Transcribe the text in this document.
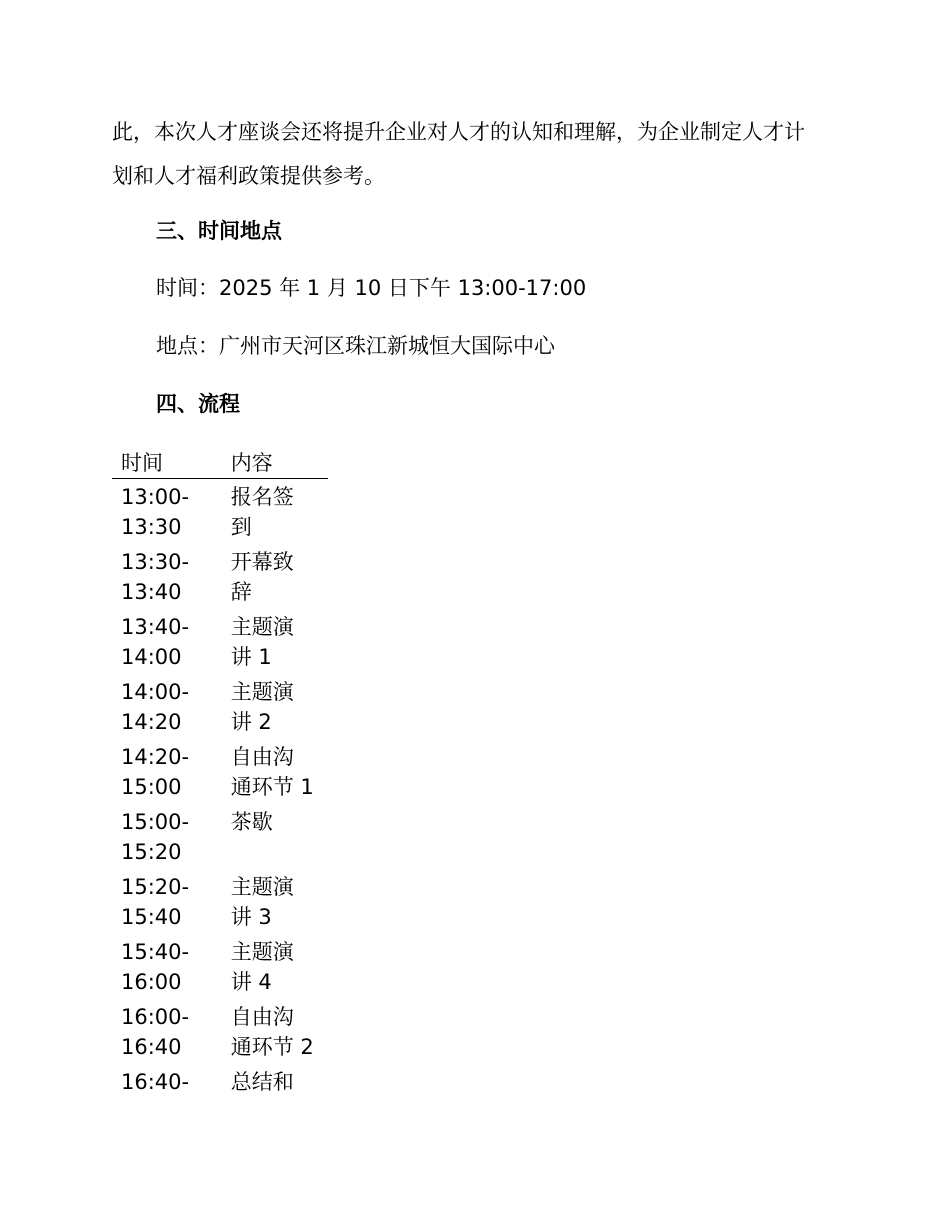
此，本次人才座谈会还将提升企业对人才的认知和理解，为企业制定人才计
划和人才福利政策提供参考。

三、时间地点

时间：2025 年 1 月 10 日下午 13:00-17:00

地点：广州市天河区珠江新城恒大国际中心

四、流程
时间	内容

13:00-
13:30	报名签
到

13:30-
13:40	开幕致
辞

13:40-
14:00	主题演
讲 1

14:00-
14:20	主题演
讲 2

14:20-
15:00	自由沟
通环节 1

15:00-
15:20	茶歇

15:20-
15:40	主题演
讲 3

15:40-
16:00	主题演
讲 4

16:00-
16:40	自由沟
通环节 2

16:40-	总结和
